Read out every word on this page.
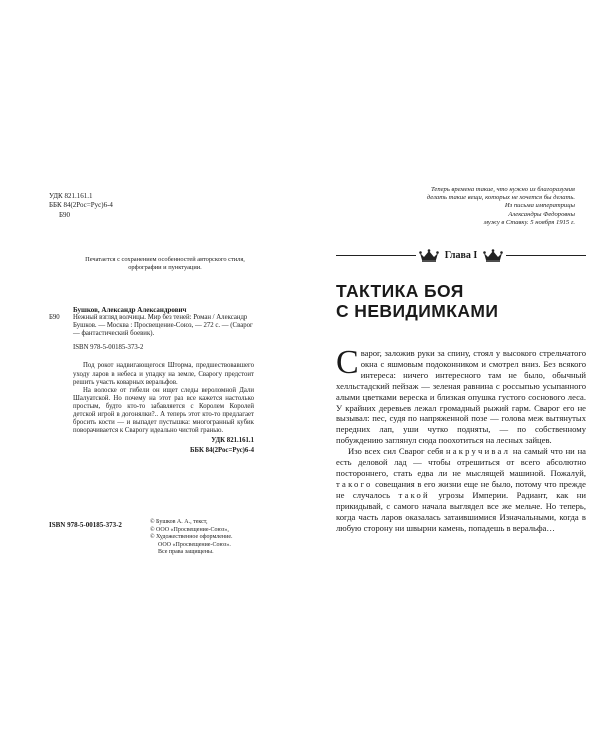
УДК 821.161.1
ББК 84(2Рос=Рус)6-4
Б90
Печатается с сохранением особенностей авторского стиля, орфографии и пунктуации.
Бушков, Александр Александрович
Б90	Нежный взгляд волчицы. Мир без теней: Роман / Александр Бушков. — Москва : Просвещение-Союз, — 272 с. — (Сварог — фантастический боевик).
ISBN 978-5-00185-373-2

Под рокот надвигающегося Шторма, предшествовавшего уходу ларов в небеса и упадку на земле, Сварогу предстоит решить участь коварных веральфов.

На волоске от гибели он ищет следы вероломной Дали Шалуатской. Но почему на этот раз все кажется настолько простым, будто кто-то забавляется с Королем Королей детской игрой в догонялки?.. А теперь этот кто-то предлагает бросить кости — и выпадет пустышка: многогранный кубик поворачивается к Сварогу идеально чистой гранью.

УДК 821.161.1
ББК 84(2Рос=Рус)6-4
ISBN 978-5-00185-373-2	© Бушков А. А., текст,
© ООО «Просвещение-Союз»,
© Художественное оформление.
ООО «Просвещение-Союз».
Все права защищены.
Теперь времена такие, что нужно из благоразумия
делать такие вещи, которых не хочется бы делать.
Из письма императрицы
Александры Федоровны
мужу в Ставку. 5 ноября 1915 г.
Глава I
ТАКТИКА БОЯ
С НЕВИДИМКАМИ

Сварог, заложив руки за спину, стоял у высокого стрельчатого окна с яшмовым подоконником и смотрел вниз. Без всякого интереса: ничего интересного там не было, обычный хелльстадский пейзаж — зеленая равнина с россыпью усыпанного алыми цветками вереска и близкая опушка густого соснового леса. У крайних деревьев лежал громадный рыжий гарм. Сварог его не вызывал: пес, судя по напряженной позе — голова меж вытянутых передних лап, уши чутко подняты, — по собственному побуждению заглянул сюда поохотиться на лесных зайцев.

Изо всех сил Сварог себя накручивал на самый что ни на есть деловой лад — чтобы отрешиться от всего абсолютно постороннего, стать едва ли не мыслящей машиной. Пожалуй, такого совещания в его жизни еще не было, потому что прежде не случалось такой угрозы Империи. Радиант, как ни прикидывай, с самого начала выглядел все же мельче. Но теперь, когда часть ларов оказалась затаившимися Изначальными, когда в любую сторону ни швырни камень, попадешь в веральфа…
